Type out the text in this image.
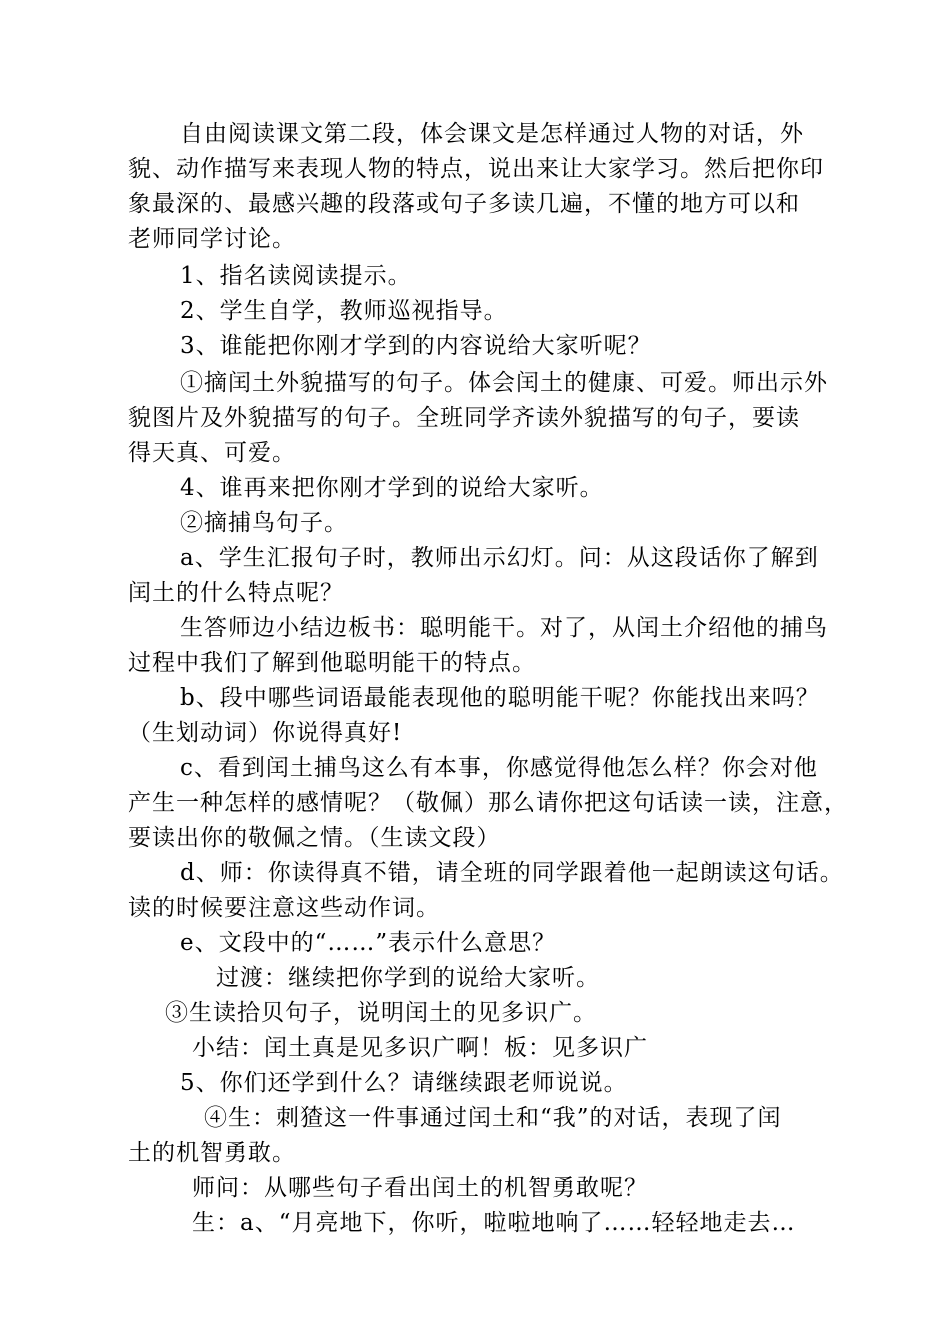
自由阅读课文第二段，体会课文是怎样通过人物的对话，外
貌、动作描写来表现人物的特点，说出来让大家学习。然后把你印
象最深的、最感兴趣的段落或句子多读几遍，不懂的地方可以和
老师同学讨论。
1、指名读阅读提示。
2、学生自学，教师巡视指导。
3、谁能把你刚才学到的内容说给大家听呢？
①摘闰土外貌描写的句子。体会闰土的健康、可爱。师出示外
貌图片及外貌描写的句子。全班同学齐读外貌描写的句子，要读
得天真、可爱。
4、谁再来把你刚才学到的说给大家听。
②摘捕鸟句子。
a、学生汇报句子时，教师出示幻灯。问：从这段话你了解到
闰土的什么特点呢？
生答师边小结边板书：聪明能干。对了，从闰土介绍他的捕鸟
过程中我们了解到他聪明能干的特点。
b、段中哪些词语最能表现他的聪明能干呢？你能找出来吗？
（生划动词）你说得真好!
c、看到闰土捕鸟这么有本事，你感觉得他怎么样？你会对他
产生一种怎样的感情呢？（敬佩）那么请你把这句话读一读，注意，
要读出你的敬佩之情。（生读文段）
d、师：你读得真不错，请全班的同学跟着他一起朗读这句话。
读的时候要注意这些动作词。
e、文段中的“……”表示什么意思？
过渡：继续把你学到的说给大家听。
③生读拾贝句子，说明闰土的见多识广。
小结：闰土真是见多识广啊！板：见多识广
5、你们还学到什么？请继续跟老师说说。
④生：刺猹这一件事通过闰土和“我”的对话，表现了闰
土的机智勇敢。
师问：从哪些句子看出闰土的机智勇敢呢？
生：a、“月亮地下，你听，啦啦地响了……轻轻地走去…
